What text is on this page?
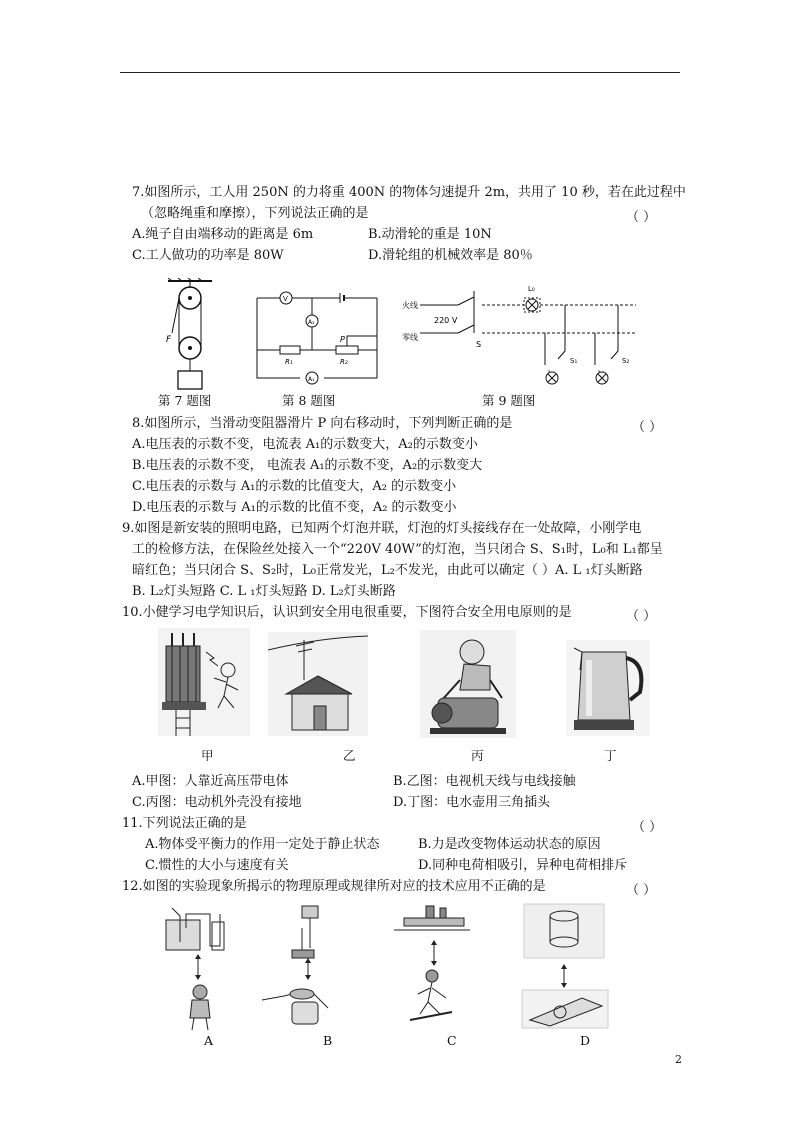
7.如图所示，工人用 250N 的力将重 400N 的物体匀速提升 2m，共用了 10 秒，若在此过程中
（忽略绳重和摩擦），下列说法正确的是	（ ）
A.绳子自由端移动的距离是 6m	B.动滑轮的重是 10N
C.工人做功的功率是 80W	D.滑轮组的机械效率是 80％
F
第 7 题图
V
A₂
A₁
P
R₁	R₂
第 8 题图
火线
零线
220 V
S
L₀
S₁	S₂
第 9 题图
8.如图所示，当滑动变阻器滑片 P 向右移动时，下列判断正确的是	（ ）
A.电压表的示数不变，电流表 A₁的示数变大，A₂的示数变小
B.电压表的示数不变， 电流表 A₁的示数不变，A₂的示数变大
C.电压表的示数与 A₁的示数的比值变大，A₂ 的示数变小
D.电压表的示数与 A₁的示数的比值不变，A₂ 的示数变小
9.如图是新安装的照明电路，已知两个灯泡并联，灯泡的灯头接线存在一处故障，小刚学电
工的检修方法，在保险丝处接入一个“220V 40W”的灯泡，当只闭合 S、S₁时，L₀和 L₁都呈
暗红色；当只闭合 S、S₂时，L₀正常发光，L₂不发光，由此可以确定（ ）A. L ₁灯头断路
B. L₂灯头短路 C. L ₁灯头短路 D. L₂灯头断路
10.小健学习电学知识后，认识到安全用电很重要，下图符合安全用电原则的是	（ ）
甲	乙	丙	丁
A.甲图：人靠近高压带电体	B.乙图：电视机天线与电线接触
C.丙图：电动机外壳没有接地	D.丁图：电水壶用三角插头
11.下列说法正确的是	（ ）
A.物体受平衡力的作用一定处于静止状态	B.力是改变物体运动状态的原因
C.惯性的大小与速度有关	D.同种电荷相吸引，异种电荷相排斥
12.如图的实验现象所揭示的物理原理或规律所对应的技术应用不正确的是	（ ）
A	B	C	D
2
